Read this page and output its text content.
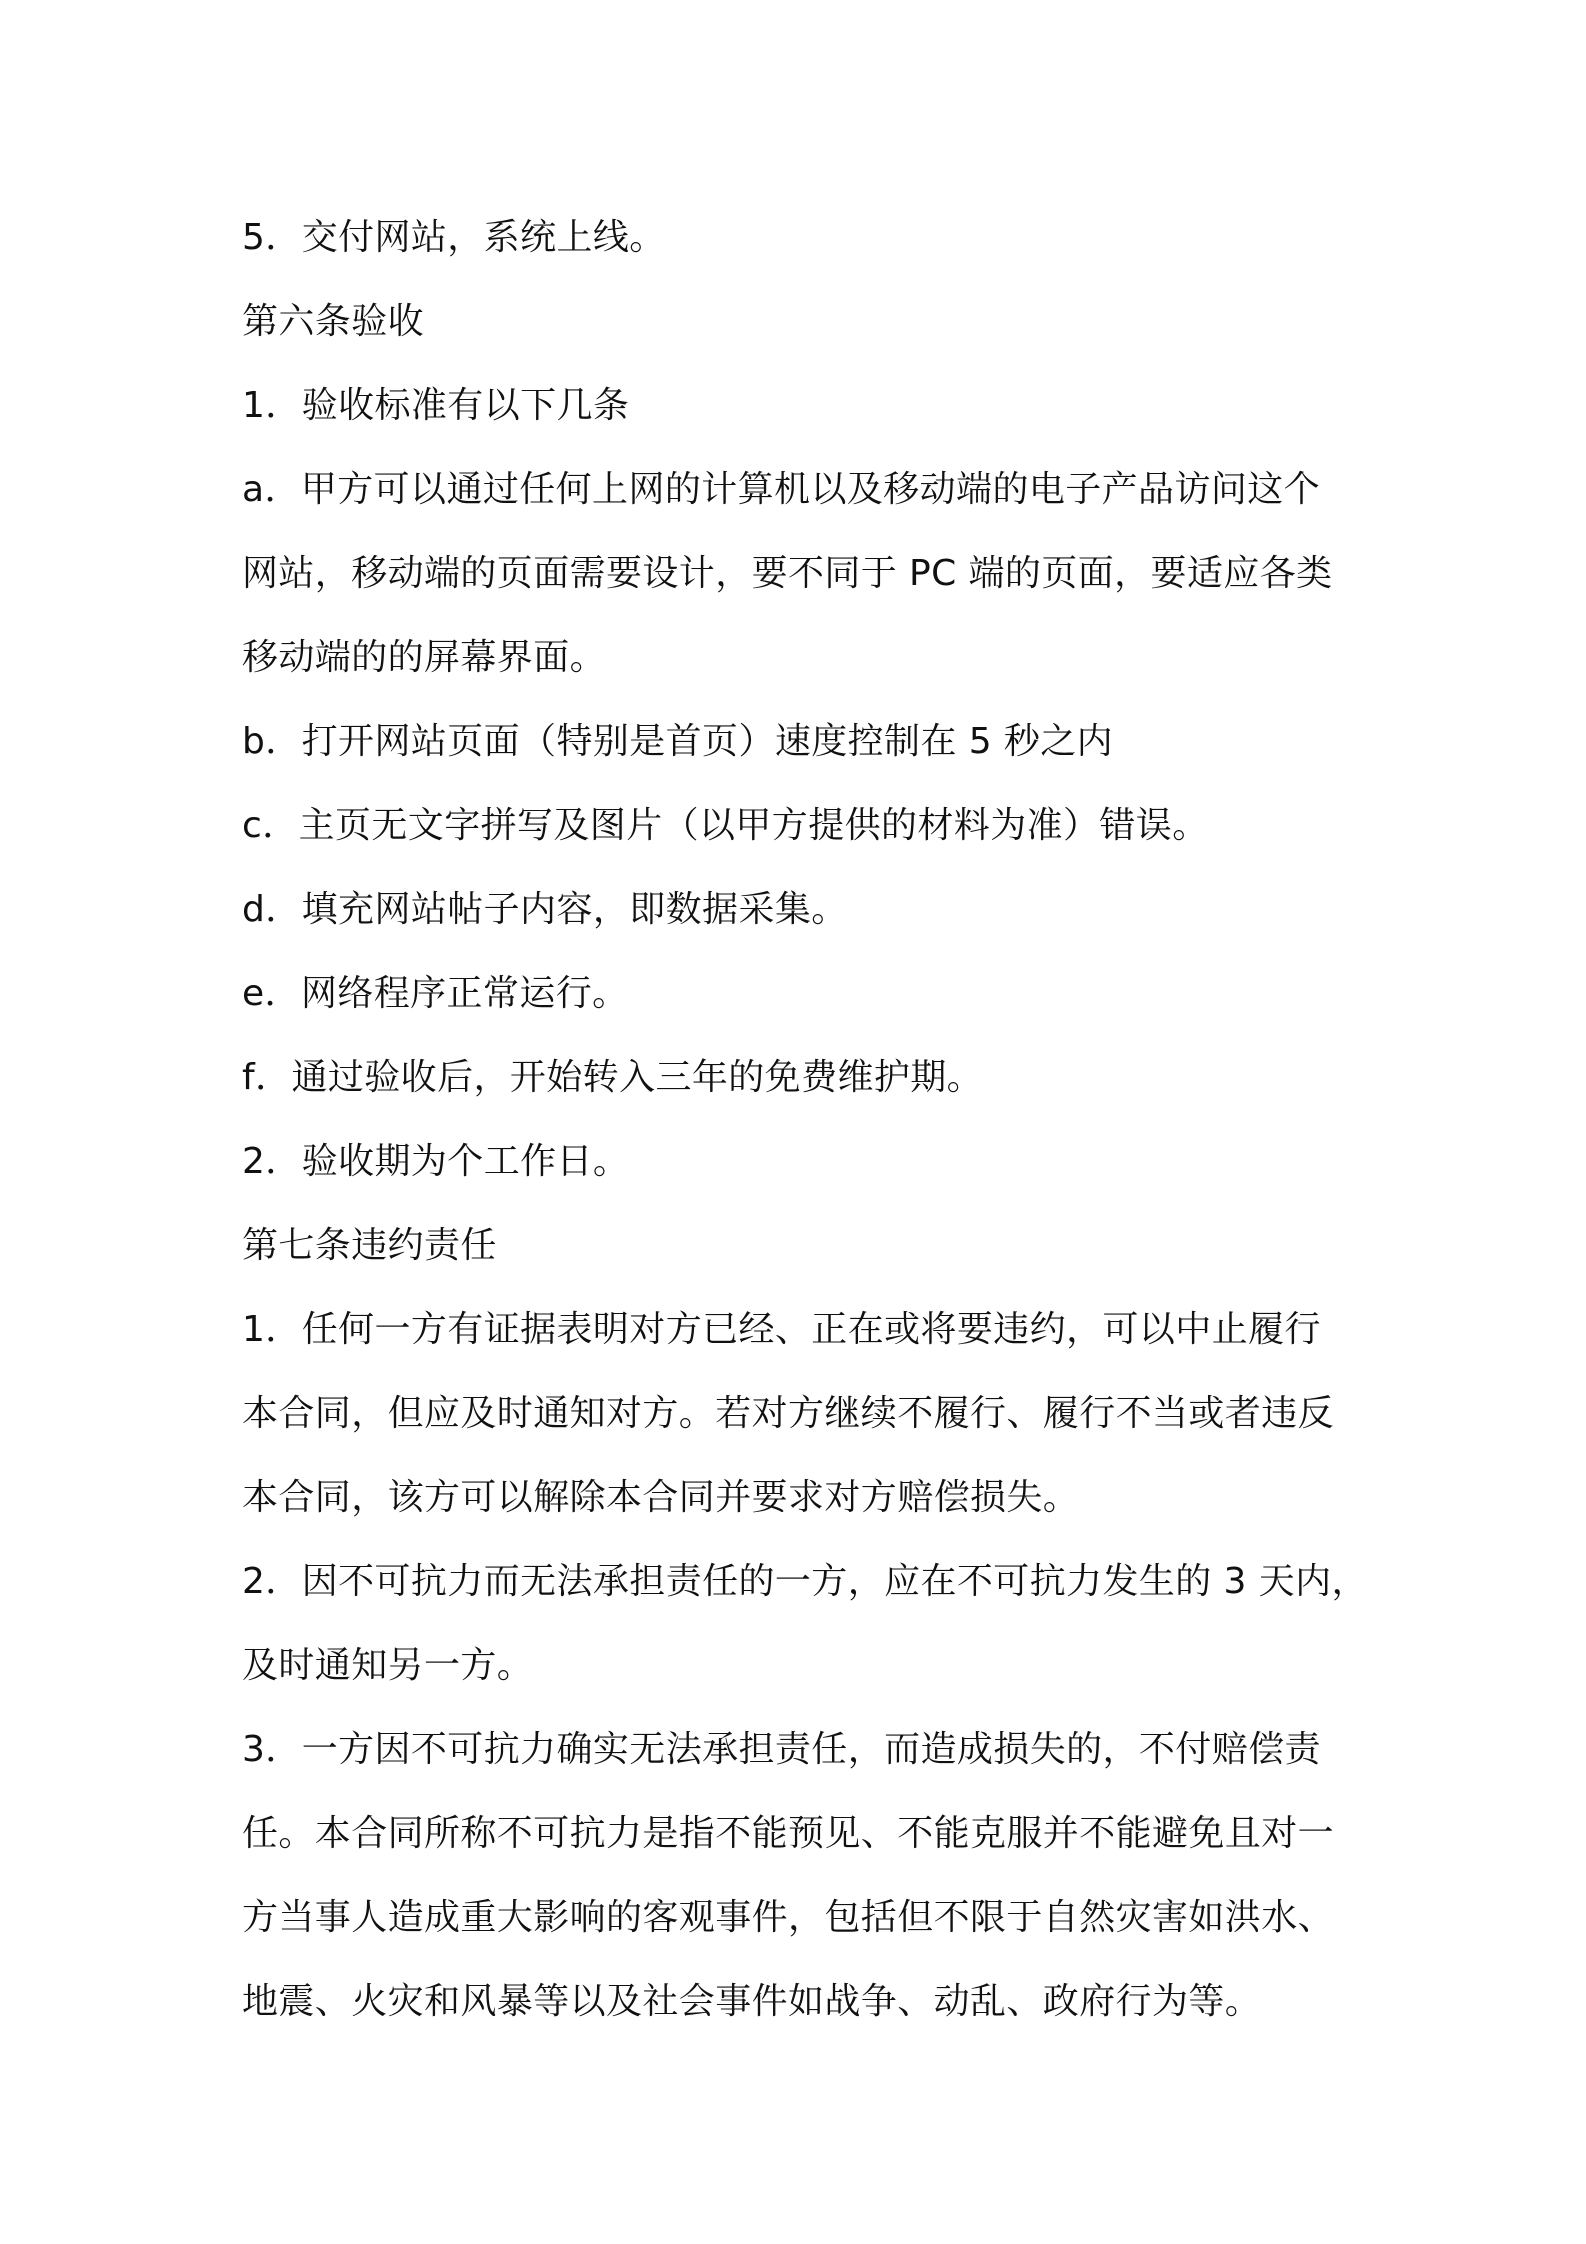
5．交付网站，系统上线。
第六条验收
1．验收标准有以下几条
a．甲方可以通过任何上网的计算机以及移动端的电子产品访问这个
网站，移动端的页面需要设计，要不同于 PC 端的页面，要适应各类
移动端的的屏幕界面。
b．打开网站页面（特别是首页）速度控制在 5 秒之内
c．主页无文字拼写及图片（以甲方提供的材料为准）错误。
d．填充网站帖子内容，即数据采集。
e．网络程序正常运行。
f．通过验收后，开始转入三年的免费维护期。
2．验收期为个工作日。
第七条违约责任
1．任何一方有证据表明对方已经、正在或将要违约，可以中止履行
本合同，但应及时通知对方。若对方继续不履行、履行不当或者违反
本合同，该方可以解除本合同并要求对方赔偿损失。
2．因不可抗力而无法承担责任的一方，应在不可抗力发生的 3 天内，
及时通知另一方。
3．一方因不可抗力确实无法承担责任，而造成损失的，不付赔偿责
任。本合同所称不可抗力是指不能预见、不能克服并不能避免且对一
方当事人造成重大影响的客观事件，包括但不限于自然灾害如洪水、
地震、火灾和风暴等以及社会事件如战争、动乱、政府行为等。
